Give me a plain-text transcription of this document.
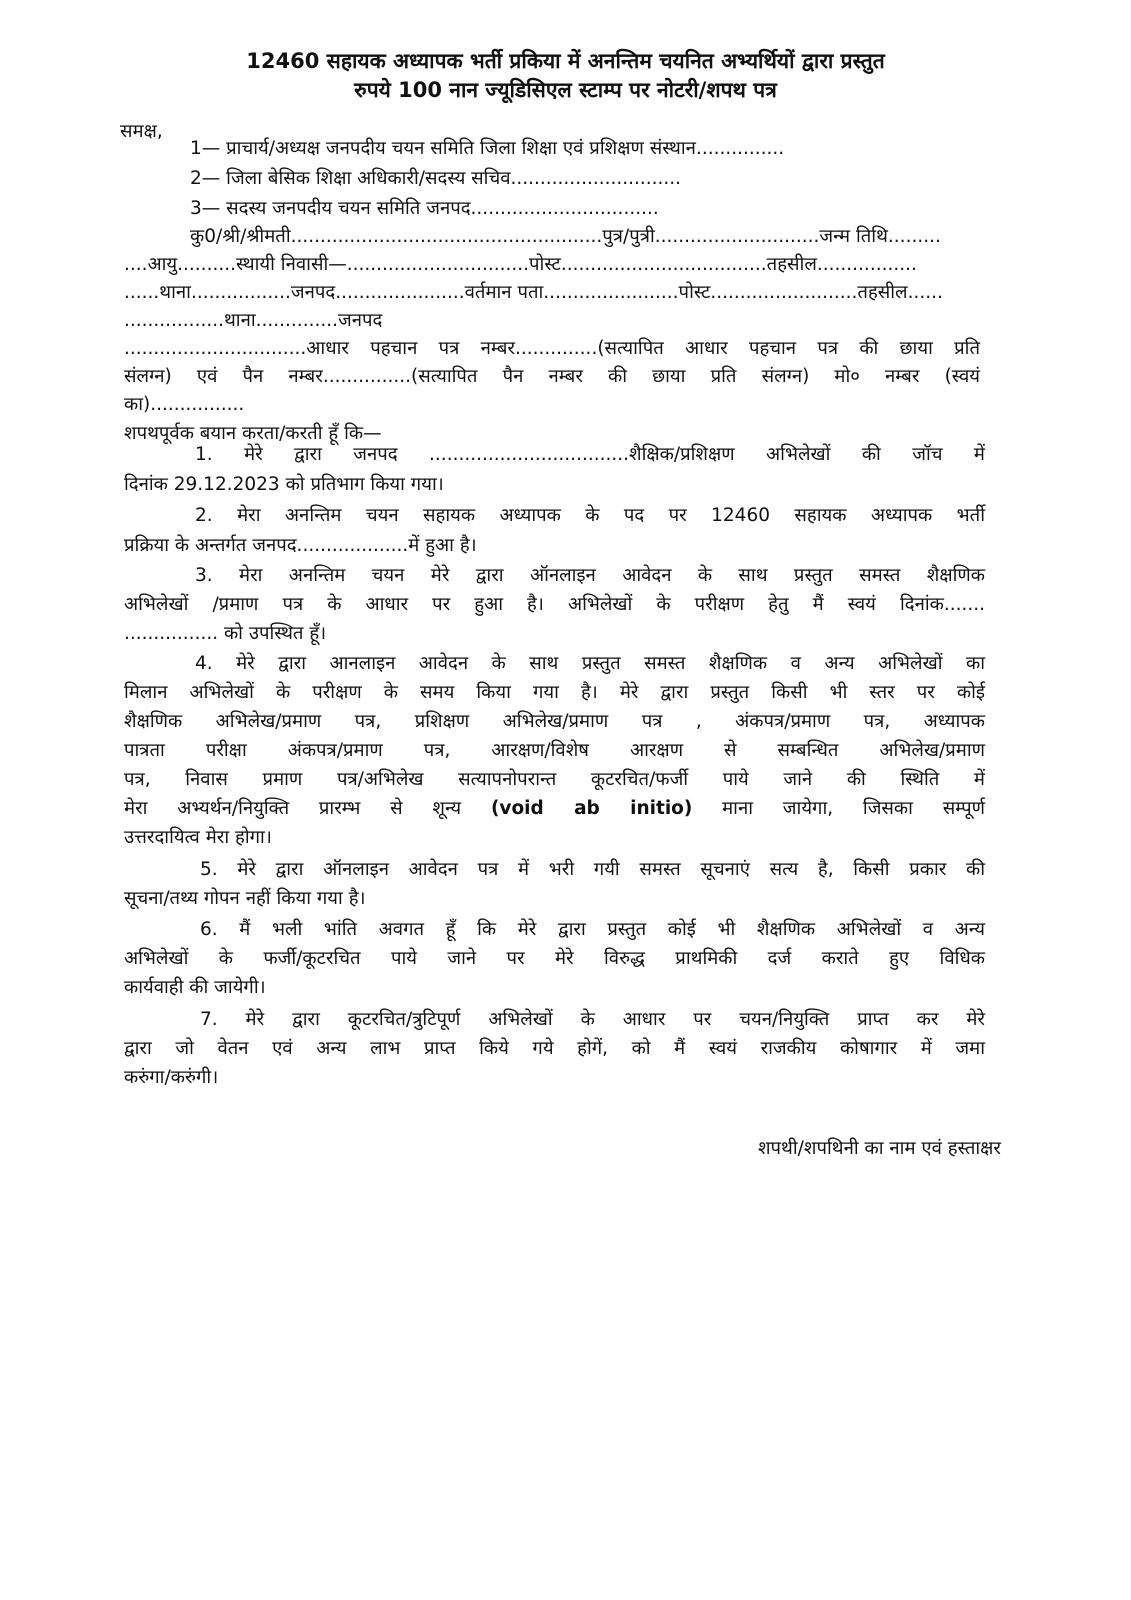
12460 सहायक अध्यापक भर्ती प्रकिया में अनन्तिम चयनित अभ्यर्थियों द्वारा प्रस्तुत
रुपये 100 नान ज्यूडिसिएल स्टाम्प पर नोटरी/शपथ पत्र

समक्ष,

1— प्राचार्य/अध्यक्ष जनपदीय चयन समिति जिला शिक्षा एवं प्रशिक्षण संस्थान...............

2— जिला बेसिक शिक्षा अधिकारी/सदस्य सचिव.............................

3— सदस्य जनपदीय चयन समिति जनपद................................

कु0/श्री/श्रीमती.....................................................पुत्र/पुत्री............................जन्म तिथि.........

....आयु..........स्थायी निवासी—...............................पोस्ट...................................तहसील.................

......थाना.................जनपद......................वर्तमान पता.......................पोस्ट.........................तहसील......

.................थाना..............जनपद

...............................आधार पहचान पत्र नम्बर..............(सत्यापित आधार पहचान पत्र की छाया प्रति

संलग्न) एवं पैन नम्बर...............(सत्यापित पैन नम्बर की छाया प्रति संलग्न) मो० नम्बर (स्वयं

का)................

शपथपूर्वक बयान करता/करती हूँ कि—

1. मेरे द्वारा जनपद ..................................शैक्षिक/प्रशिक्षण अभिलेखों की जॉच में

दिनांक 29.12.2023 को प्रतिभाग किया गया।

2. मेरा अनन्तिम चयन सहायक अध्यापक के पद पर 12460 सहायक अध्यापक भर्ती

प्रक्रिया के अन्तर्गत जनपद...................में हुआ है।

3. मेरा अनन्तिम चयन मेरे द्वारा ऑनलाइन आवेदन के साथ प्रस्तुत समस्त शैक्षणिक

अभिलेखों /प्रमाण पत्र के आधार पर हुआ है। अभिलेखों के परीक्षण हेतु मैं स्वयं दिनांक.......

................ को उपस्थित हूँ।

4. मेरे द्वारा आनलाइन आवेदन के साथ प्रस्तुत समस्त शैक्षणिक व अन्य अभिलेखों का

मिलान अभिलेखों के परीक्षण के समय किया गया है। मेरे द्वारा प्रस्तुत किसी भी स्तर पर कोई

शैक्षणिक अभिलेख/प्रमाण पत्र, प्रशिक्षण अभिलेख/प्रमाण पत्र , अंकपत्र/प्रमाण पत्र, अध्यापक

पात्रता परीक्षा अंकपत्र/प्रमाण पत्र, आरक्षण/विशेष आरक्षण से सम्बन्धित अभिलेख/प्रमाण

पत्र, निवास प्रमाण पत्र/अभिलेख सत्यापनोपरान्त कूटरचित/फर्जी पाये जाने की स्थिति में

मेरा अभ्यर्थन/नियुक्ति प्रारम्भ से शून्य (void ab initio) माना जायेगा, जिसका सम्पूर्ण

उत्तरदायित्व मेरा होगा।

5. मेरे द्वारा ऑनलाइन आवेदन पत्र में भरी गयी समस्त सूचनाएं सत्य है, किसी प्रकार की

सूचना/तथ्य गोपन नहीं किया गया है।

6. मैं भली भांति अवगत हूँ कि मेरे द्वारा प्रस्तुत कोई भी शैक्षणिक अभिलेखों व अन्य

अभिलेखों के फर्जी/कूटरचित पाये जाने पर मेरे विरुद्ध प्राथमिकी दर्ज कराते हुए विधिक

कार्यवाही की जायेगी।

7. मेरे द्वारा कूटरचित/त्रुटिपूर्ण अभिलेखों के आधार पर चयन/नियुक्ति प्राप्त कर मेरे

द्वारा जो वेतन एवं अन्य लाभ प्राप्त किये गये होगें, को मैं स्वयं राजकीय कोषागार में जमा

करुंगा/करुंगी।

शपथी/शपथिनी का नाम एवं हस्ताक्षर
